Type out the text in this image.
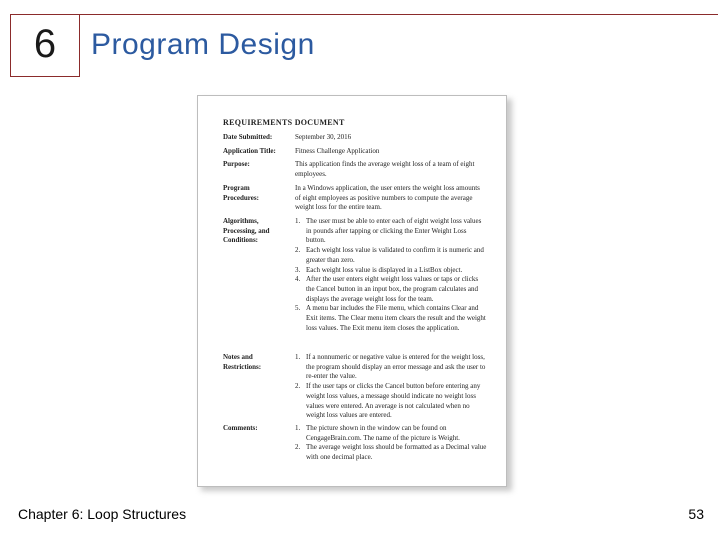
6	Program Design
REQUIREMENTS DOCUMENT
Date Submitted:	September 30, 2016
Application Title:	Fitness Challenge Application
Purpose:	This application finds the average weight loss of a team of eight employees.
Program Procedures:
In a Windows application, the user enters the weight loss amounts of eight employees as positive numbers to compute the average weight loss for the entire team.
Algorithms, Processing, and Conditions:
1. The user must be able to enter each of eight weight loss values in pounds after tapping or clicking the Enter Weight Loss button.
2. Each weight loss value is validated to confirm it is numeric and greater than zero.
3. Each weight loss value is displayed in a ListBox object.
4. After the user enters eight weight loss values or taps or clicks the Cancel button in an input box, the program calculates and displays the average weight loss for the team.
5. A menu bar includes the File menu, which contains Clear and Exit items. The Clear menu item clears the result and the weight loss values. The Exit menu item closes the application.
Notes and Restrictions:
1. If a nonnumeric or negative value is entered for the weight loss, the program should display an error message and ask the user to re-enter the value.
2. If the user taps or clicks the Cancel button before entering any weight loss values, a message should indicate no weight loss values were entered. An average is not calculated when no weight loss values are entered.
Comments:	1. The picture shown in the window can be found on CengageBrain.com. The name of the picture is Weight.
2. The average weight loss should be formatted as a Decimal value with one decimal place.
Chapter 6: Loop Structures	53
